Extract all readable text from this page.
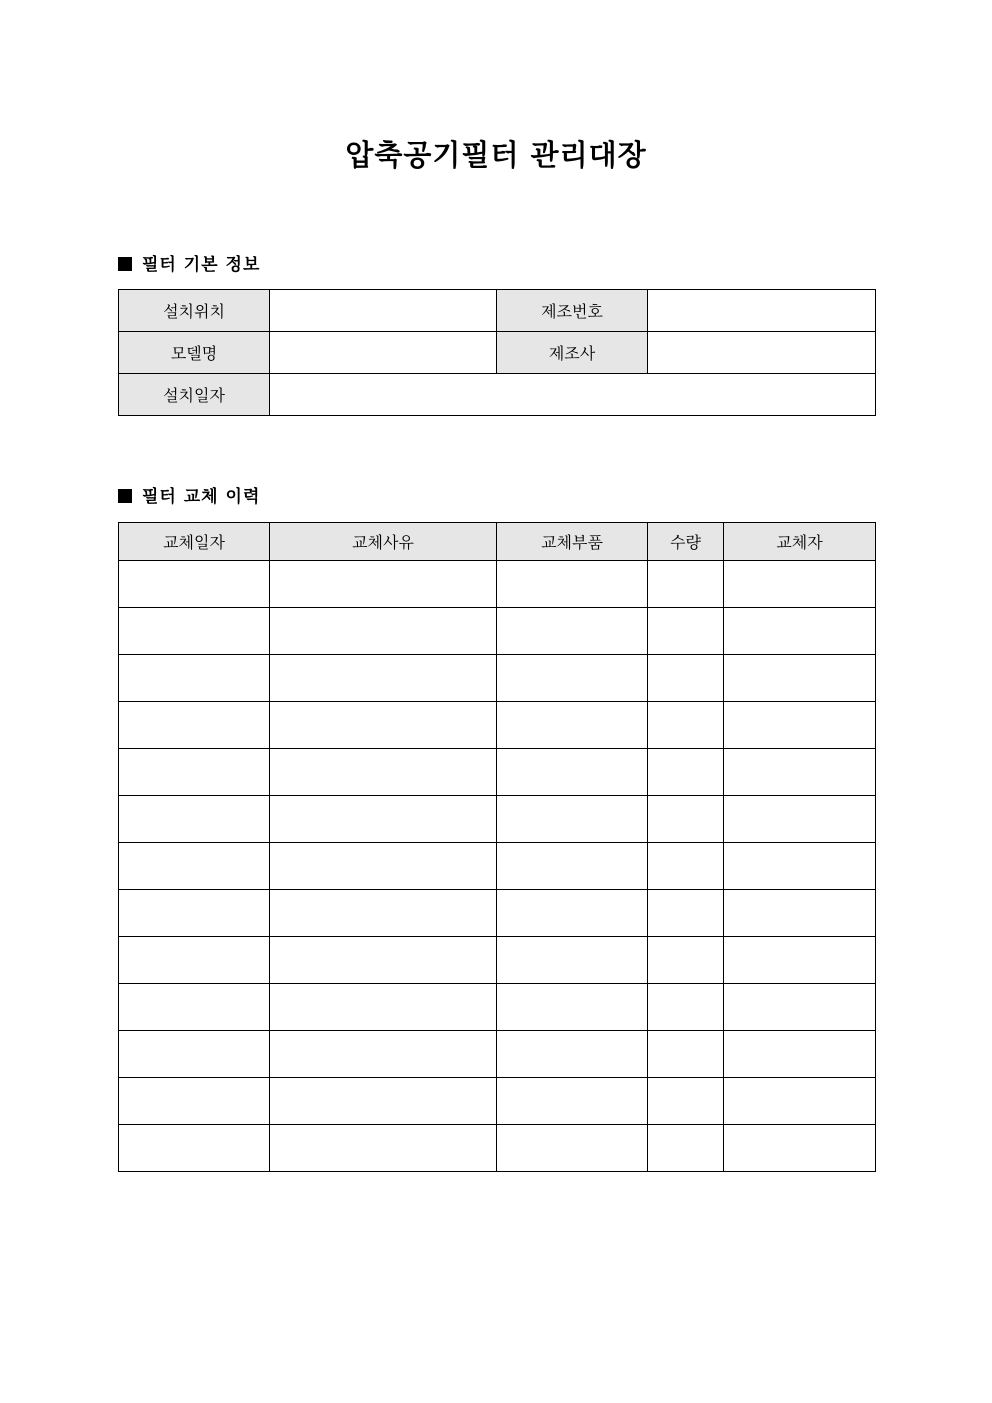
압축공기필터 관리대장
필터 기본 정보
설치위치		제조번호	
모델명		제조사	
설치일자			
필터 교체 이력
교체일자	교체사유	교체부품	수량	교체자
